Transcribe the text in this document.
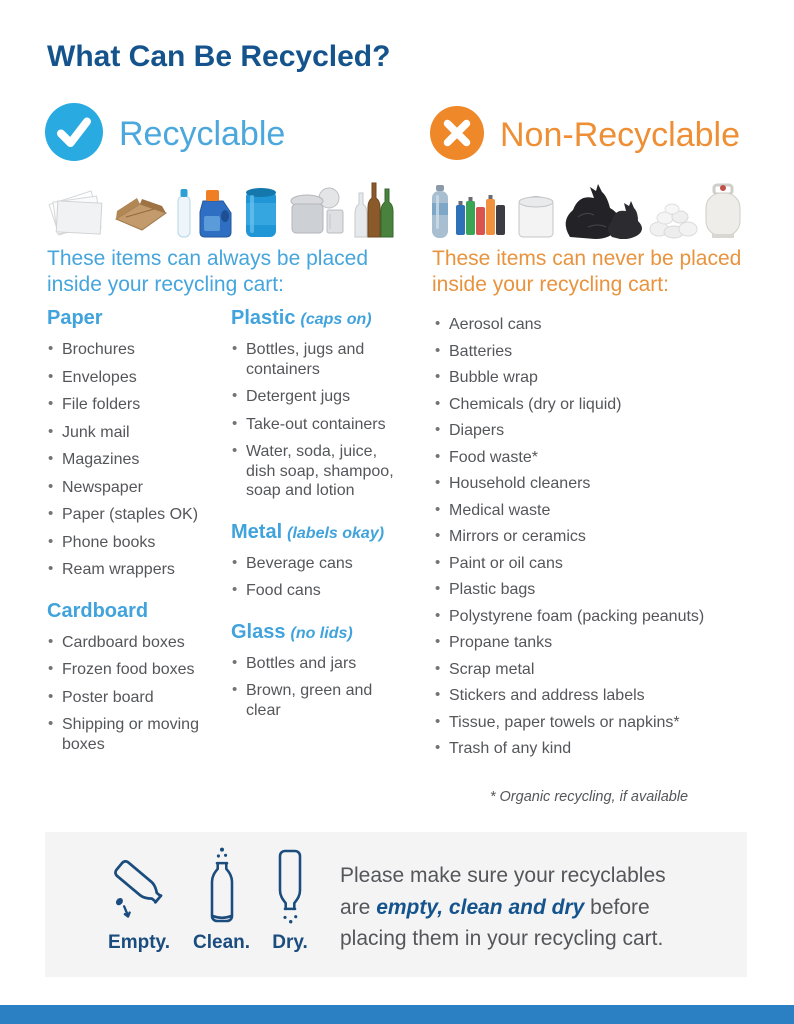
What Can Be Recycled?
Recyclable	Non-Recyclable

These items can always be placed inside your recycling cart:

These items can never be placed inside your recycling cart:

Paper
• Brochures
• Envelopes
• File folders
• Junk mail
• Magazines
• Newspaper
• Paper (staples OK)
• Phone books
• Ream wrappers
Cardboard
• Cardboard boxes
• Frozen food boxes
• Poster board
• Shipping or moving boxes
Plastic (caps on)
• Bottles, jugs and containers
• Detergent jugs
• Take-out containers
• Water, soda, juice, dish soap, shampoo, soap and lotion
Metal (labels okay)
• Beverage cans
• Food cans
Glass (no lids)
• Bottles and jars
• Brown, green and clear
• Aerosol cans
• Batteries
• Bubble wrap
• Chemicals (dry or liquid)
• Diapers
• Food waste*
• Household cleaners
• Medical waste
• Mirrors or ceramics
• Paint or oil cans
• Plastic bags
• Polystyrene foam (packing peanuts)
• Propane tanks
• Scrap metal
• Stickers and address labels
• Tissue, paper towels or napkins*
• Trash of any kind
* Organic recycling, if available
Empty. Clean. Dry.

Please make sure your recyclables are empty, clean and dry before placing them in your recycling cart.
